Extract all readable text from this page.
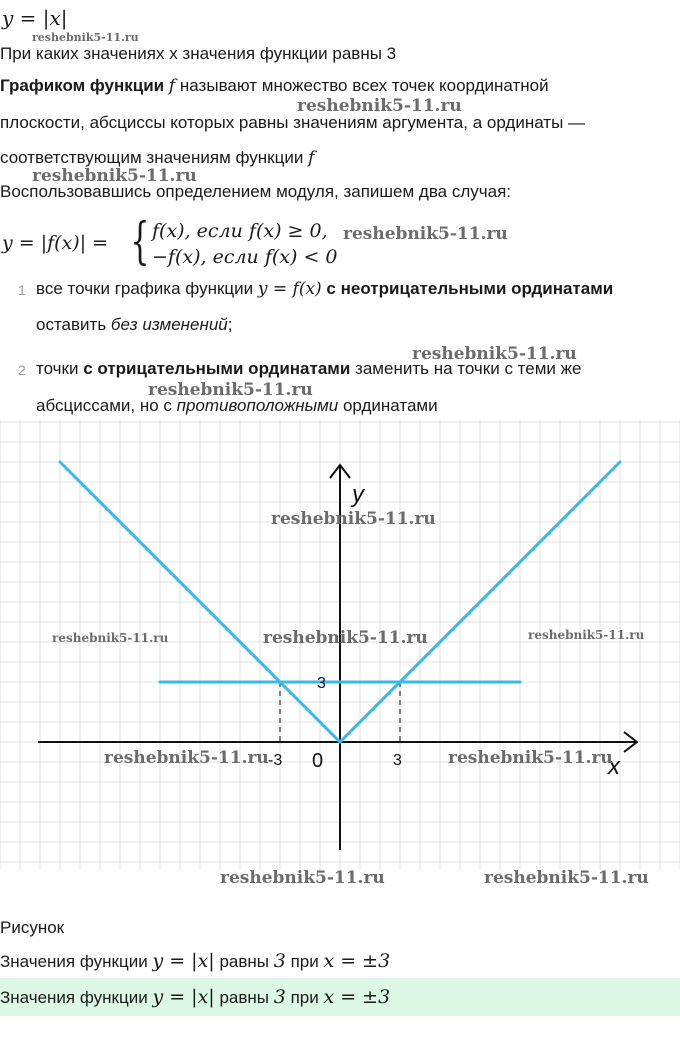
y = |x|
При каких значениях x значения функции равны 3
Графиком функции f называют множество всех точек координатной
плоскости, абсциссы которых равны значениям аргумента, а ординаты —
соответствующим значениям функции f
Воспользовавшись определением модуля, запишем два случая:
y = |f(x)| = { f(x), если f(x) ≥ 0,
−f(x), если f(x) < 0
1 все точки графика функции y = f(x) с неотрицательными ординатами
оставить без изменений;
2 точки с отрицательными ординатами заменить на точки с теми же
абсциссами, но с противоположными ординатами
y
x
0
-3	3
3
reshebnik5-11.ru
reshebnik5-11.ru
reshebnik5-11.ru
reshebnik5-11.ru
reshebnik5-11.ru
reshebnik5-11.ru
reshebnik5-11.ru
reshebnik5-11.ru	reshebnik5-11.ru	reshebnik5-11.ru
reshebnik5-11.ru	reshebnik5-11.ru
reshebnik5-11.ru	reshebnik5-11.ru
Рисунок
Значения функции y = |x| равны 3 при x = ±3
Значения функции y = |x| равны 3 при x = ±3
